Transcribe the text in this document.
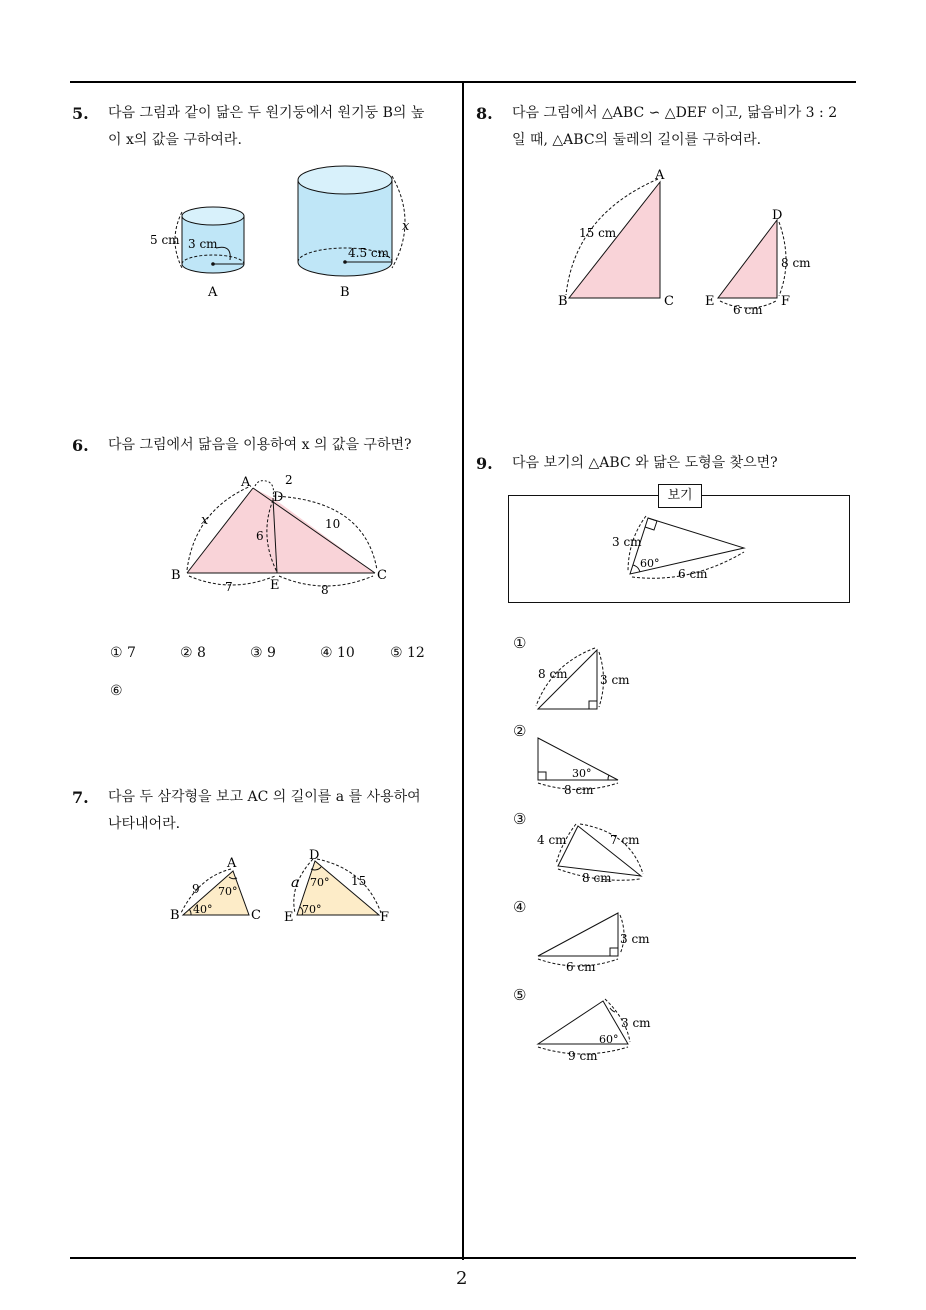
2
5. 다음 그림과 같이 닮은 두 원기둥에서 원기둥 B의 높
이 x의 값을 구하여라.
5 cm 3 cm
A
4.5 cm
x
B
6. 다음 그림에서 닮음을 이용하여 x 의 값을 구하면?
A
D
B	C
E
2
x
6
10
7	8
① 7	② 8	③ 9	④ 10	⑤ 12
⑥
7. 다음 두 삼각형을 보고 AC 의 길이를 a 를 사용하여
나타내어라.
A
B	C
9 70°
40°
D
E	F
a 70° 15
70°
8. 다음 그림에서 △ABC ∽ △DEF 이고, 닮음비가 3 : 2
일 때, △ABC의 둘레의 길이를 구하여라.
A
B	C
15 cm
D
E	F
8 cm
6 cm
9. 다음 보기의 △ABC 와 닮은 도형을 찾으면?
보기
3 cm
60°
6 cm
①
8 cm	3 cm
②
30°
8 cm
③
4 cm	7 cm
8 cm
④
3 cm
6 cm
⑤
3 cm
60°
9 cm
